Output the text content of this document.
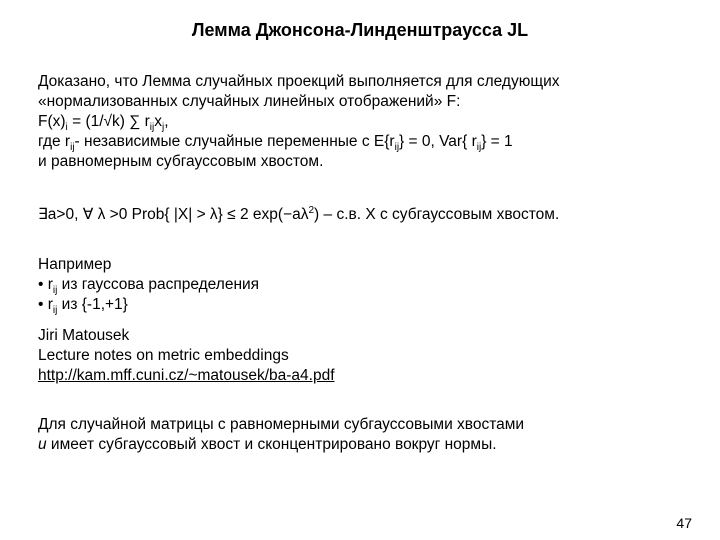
Лемма Джонсона-Линденштраусса JL
Доказано, что Лемма случайных проекций выполняется для следующих
«нормализованных случайных линейных отображений» F:
$F(x)_i = (1/√k)$ ∑ $r_{ij}x_j$,
где $r_{ij}-$ независимые случайные переменные с $E\{r_{ij}\} = 0$, Var{ $r_{ij}\} = 1$
и равномерным субгауссовым хвостом.
∃a>0, ∀ λ >0 Prob{ |X| > λ} ≤ 2 $\exp(-a\lambda^2) - с.в$. X с субгауссовым хвостом.
Например
• $r_{ij}$ из гауссова распределения
• $r_{ij}$ из {-1,+1}
Jiri Matousek
Lecture notes on metric embeddings
http://kam.mff.cuni.cz/~matousek/ba-a4.pdf
Для случайной матрицы с равномерными субгауссовыми хвостами
u имеет субгауссовый хвост и сконцентрировано вокруг нормы.
47
